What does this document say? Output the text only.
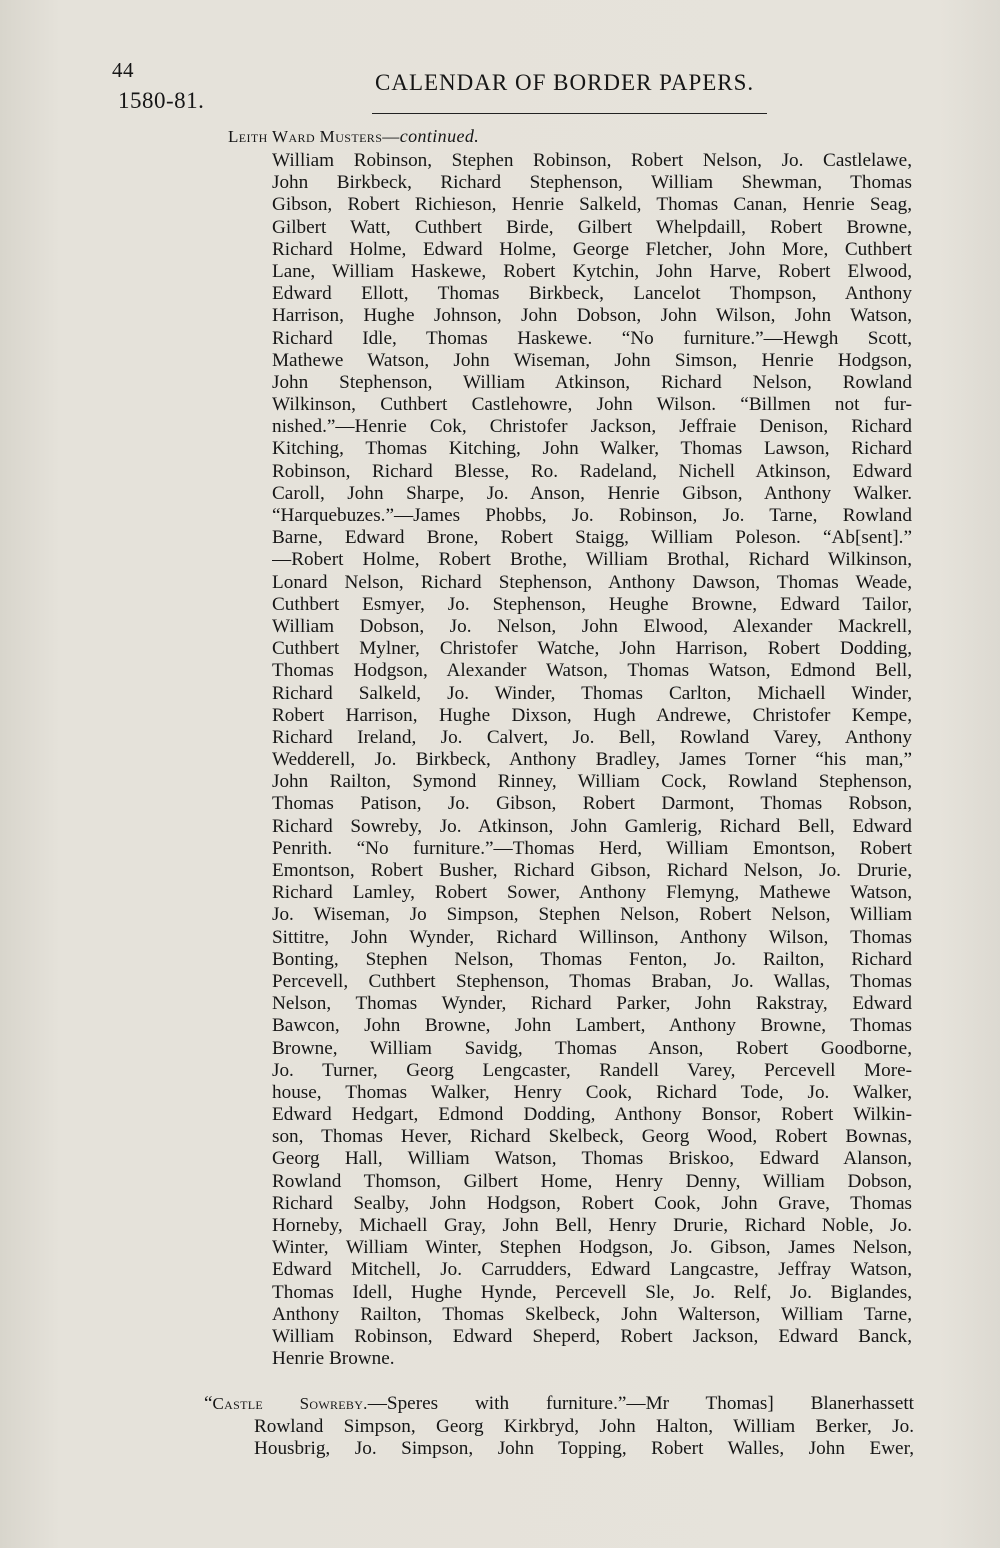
44
1580-81.
CALENDAR OF BORDER PAPERS.
Leith Ward Musters—continued.
William Robinson, Stephen Robinson, Robert Nelson, Jo. Castlelawe,
John Birkbeck, Richard Stephenson, William Shewman, Thomas
Gibson, Robert Richieson, Henrie Salkeld, Thomas Canan, Henrie Seag,
Gilbert Watt, Cuthbert Birde, Gilbert Whelpdaill, Robert Browne,
Richard Holme, Edward Holme, George Fletcher, John More, Cuthbert
Lane, William Haskewe, Robert Kytchin, John Harve, Robert Elwood,
Edward Ellott, Thomas Birkbeck, Lancelot Thompson, Anthony
Harrison, Hughe Johnson, John Dobson, John Wilson, John Watson,
Richard Idle, Thomas Haskewe. “No furniture.”—Hewgh Scott,
Mathewe Watson, John Wiseman, John Simson, Henrie Hodgson,
John Stephenson, William Atkinson, Richard Nelson, Rowland
Wilkinson, Cuthbert Castlehowre, John Wilson. “Billmen not fur-
nished.”—Henrie Cok, Christofer Jackson, Jeffraie Denison, Richard
Kitching, Thomas Kitching, John Walker, Thomas Lawson, Richard
Robinson, Richard Blesse, Ro. Radeland, Nichell Atkinson, Edward
Caroll, John Sharpe, Jo. Anson, Henrie Gibson, Anthony Walker.
“Harquebuzes.”—James Phobbs, Jo. Robinson, Jo. Tarne, Rowland
Barne, Edward Brone, Robert Staigg, William Poleson. “Ab[sent].”
—Robert Holme, Robert Brothe, William Brothal, Richard Wilkinson,
Lonard Nelson, Richard Stephenson, Anthony Dawson, Thomas Weade,
Cuthbert Esmyer, Jo. Stephenson, Heughe Browne, Edward Tailor,
William Dobson, Jo. Nelson, John Elwood, Alexander Mackrell,
Cuthbert Mylner, Christofer Watche, John Harrison, Robert Dodding,
Thomas Hodgson, Alexander Watson, Thomas Watson, Edmond Bell,
Richard Salkeld, Jo. Winder, Thomas Carlton, Michaell Winder,
Robert Harrison, Hughe Dixson, Hugh Andrewe, Christofer Kempe,
Richard Ireland, Jo. Calvert, Jo. Bell, Rowland Varey, Anthony
Wedderell, Jo. Birkbeck, Anthony Bradley, James Torner “his man,”
John Railton, Symond Rinney, William Cock, Rowland Stephenson,
Thomas Patison, Jo. Gibson, Robert Darmont, Thomas Robson,
Richard Sowreby, Jo. Atkinson, John Gamlerig, Richard Bell, Edward
Penrith. “No furniture.”—Thomas Herd, William Emontson, Robert
Emontson, Robert Busher, Richard Gibson, Richard Nelson, Jo. Drurie,
Richard Lamley, Robert Sower, Anthony Flemyng, Mathewe Watson,
Jo. Wiseman, Jo Simpson, Stephen Nelson, Robert Nelson, William
Sittitre, John Wynder, Richard Willinson, Anthony Wilson, Thomas
Bonting, Stephen Nelson, Thomas Fenton, Jo. Railton, Richard
Percevell, Cuthbert Stephenson, Thomas Braban, Jo. Wallas, Thomas
Nelson, Thomas Wynder, Richard Parker, John Rakstray, Edward
Bawcon, John Browne, John Lambert, Anthony Browne, Thomas
Browne, William Savidg, Thomas Anson, Robert Goodborne,
Jo. Turner, Georg Lengcaster, Randell Varey, Percevell More-
house, Thomas Walker, Henry Cook, Richard Tode, Jo. Walker,
Edward Hedgart, Edmond Dodding, Anthony Bonsor, Robert Wilkin-
son, Thomas Hever, Richard Skelbeck, Georg Wood, Robert Bownas,
Georg Hall, William Watson, Thomas Briskoo, Edward Alanson,
Rowland Thomson, Gilbert Home, Henry Denny, William Dobson,
Richard Sealby, John Hodgson, Robert Cook, John Grave, Thomas
Horneby, Michaell Gray, John Bell, Henry Drurie, Richard Noble, Jo.
Winter, William Winter, Stephen Hodgson, Jo. Gibson, James Nelson,
Edward Mitchell, Jo. Carrudders, Edward Langcastre, Jeffray Watson,
Thomas Idell, Hughe Hynde, Percevell Sle, Jo. Relf, Jo. Biglandes,
Anthony Railton, Thomas Skelbeck, John Walterson, William Tarne,
William Robinson, Edward Sheperd, Robert Jackson, Edward Banck,
Henrie Browne.
“Castle Sowreby.—Speres with furniture.”—Mr Thomas] Blanerhassett
Rowland Simpson, Georg Kirkbryd, John Halton, William Berker, Jo.
Housbrig, Jo. Simpson, John Topping, Robert Walles, John Ewer,
